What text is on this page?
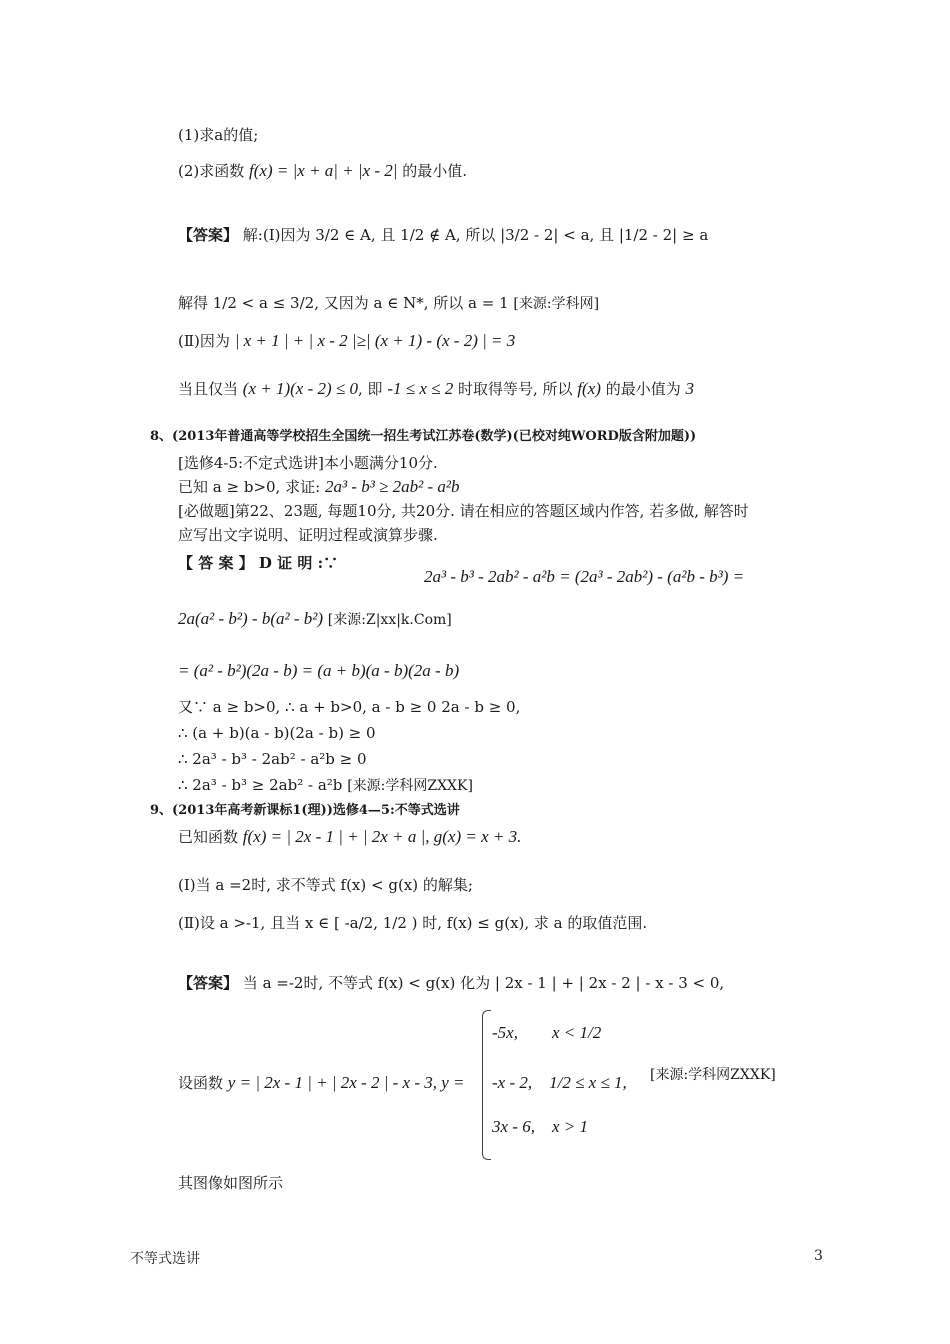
(1)求a的值;
(2)求函数 f(x) = |x + a| + |x - 2| 的最小值.
【答案】 解:(Ⅰ)因为 3/2 ∈ A, 且 1/2 ∉ A, 所以 |3/2 - 2| < a, 且 |1/2 - 2| ≥ a
解得 1/2 < a ≤ 3/2, 又因为 a ∈ N*, 所以 a = 1 [来源:学科网]
(Ⅱ)因为 | x + 1 | + | x - 2 |≥| (x + 1) - (x - 2) | = 3
当且仅当 (x + 1)(x - 2) ≤ 0, 即 -1 ≤ x ≤ 2 时取得等号, 所以 f(x) 的最小值为 3
8、(2013年普通高等学校招生全国统一招生考试江苏卷(数学)(已校对纯WORD版含附加题))
[选修4-5:不定式选讲]本小题满分10分.
已知 a ≥ b>0, 求证: 2a³ - b³ ≥ 2ab² - a²b
[必做题]第22、23题, 每题10分, 共20分. 请在相应的答题区域内作答, 若多做, 解答时
应写出文字说明、证明过程或演算步骤.
【 答 案 】 D 证 明 :∵
2a³ - b³ - 2ab² - a²b = (2a³ - 2ab²) - (a²b - b³) =
2a(a² - b²) - b(a² - b²) [来源:Z|xx|k.Com]
= (a² - b²)(2a - b) = (a + b)(a - b)(2a - b)
又∵ a ≥ b>0, ∴ a + b>0, a - b ≥ 0 2a - b ≥ 0,
∴ (a + b)(a - b)(2a - b) ≥ 0
∴ 2a³ - b³ - 2ab² - a²b ≥ 0
∴ 2a³ - b³ ≥ 2ab² - a²b [来源:学科网ZXXK]
9、(2013年高考新课标1(理))选修4—5:不等式选讲
已知函数 f(x) = | 2x - 1 | + | 2x + a |, g(x) = x + 3.
(Ⅰ)当 a =2时, 求不等式 f(x) < g(x) 的解集;
(Ⅱ)设 a >-1, 且当 x ∈ [ -a/2, 1/2 ) 时, f(x) ≤ g(x), 求 a 的取值范围.
【答案】 当 a =-2时, 不等式 f(x) < g(x) 化为 | 2x - 1 | + | 2x - 2 | - x - 3 < 0,
设函数 y = | 2x - 1 | + | 2x - 2 | - x - 3, y =
-5x,        x < 1/2
-x - 2,    1/2 ≤ x ≤ 1,
3x - 6,    x > 1
[来源:学科网ZXXK]
其图像如图所示
不等式选讲	3
